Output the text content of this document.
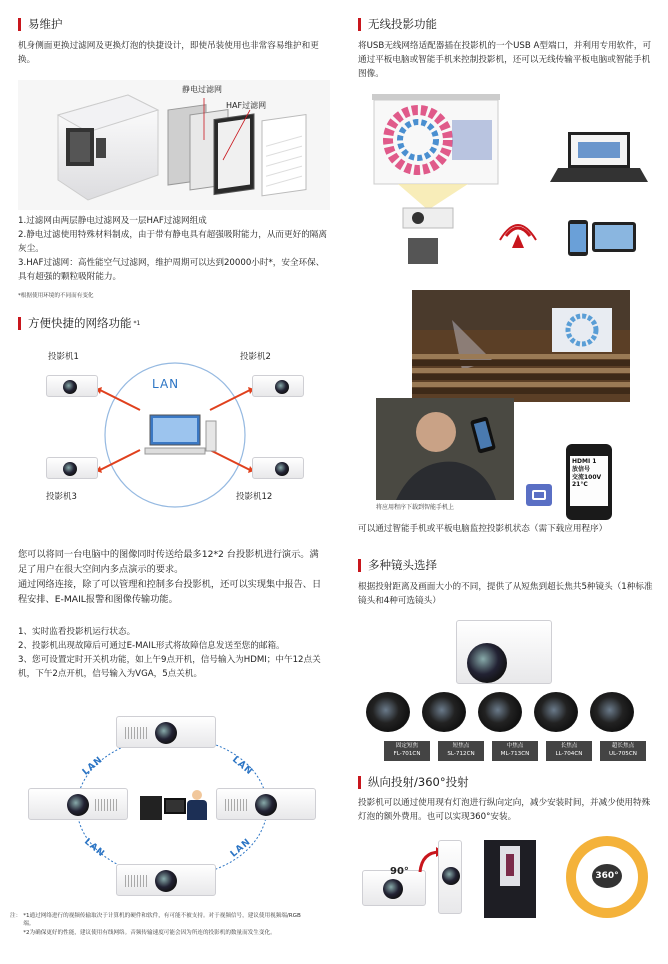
易维护
机身侧面更换过滤网及更换灯泡的快捷设计，即使吊装使用也非常容易维护和更换。
静电过滤网
HAF过滤网
1.过滤网由两层静电过滤网及一层HAF过滤网组成
2.静电过滤使用特殊材料制成，由于带有静电具有超强吸附能力，从而更好的隔离灰尘。
3.HAF过滤网：高性能空气过滤网，维护周期可以达到20000小时*，安全环保、具有超强的颗粒吸附能力。
*根据使用环境的不同而有变化
方便快捷的网络功能 *1
投影机1	投影机2
投影机3	投影机12
LAN
您可以将同一台电脑中的图像同时传送给最多12*2 台投影机进行演示。满足了用户在很大空间内多点演示的要求。
通过网络连接，除了可以管理和控制多台投影机，还可以实现集中报告、日程安排、E-MAIL报警和图像传输功能。
1、实时监看投影机运行状态。
2、投影机出现故障后可通过E-MAIL形式将故障信息发送至您的邮箱。
3、您可设置定时开关机功能，如上午9点开机，信号输入为HDMI；中午12点关机，下午2点开机，信号输入为VGA，5点关机。
LAN	LAN
LAN	LAN
注： *1通过网络进行的视频传输取决于计算机的硬件和软件，有可能不被支持。对于视频信号，建议使用视频端/RGB端。
*2为确保更好的性能，建议使用有线网络。音频传输速度可能会因为所连的投影机的数量而发生变化。
无线投影功能
将USB无线网络适配器插在投影机的一个USB A型端口，并利用专用软件，可通过平板电脑或智能手机来控制投影机，还可以无线传输平板电脑或智能手机图像。
将应用程序下载到智能手机上
HDMI 1
放信号
交流100V
21°C
可以通过智能手机或平板电脑监控投影机状态（需下载应用程序）
多种镜头选择
根据投射距离及画面大小的不同，提供了从短焦到超长焦共5种镜头（1种标准镜头和4种可选镜头）
固定短焦
FL-701CN
短焦点
SL-712CN
中焦点
ML-713CN
长焦点
LL-704CN
超长焦点
UL-705CN
纵向投射/360°投射
投影机可以通过使用现有灯泡进行纵向定向，减少安装时间，并减少使用特殊灯泡的额外费用。也可以实现360°安装。
90°	360°
